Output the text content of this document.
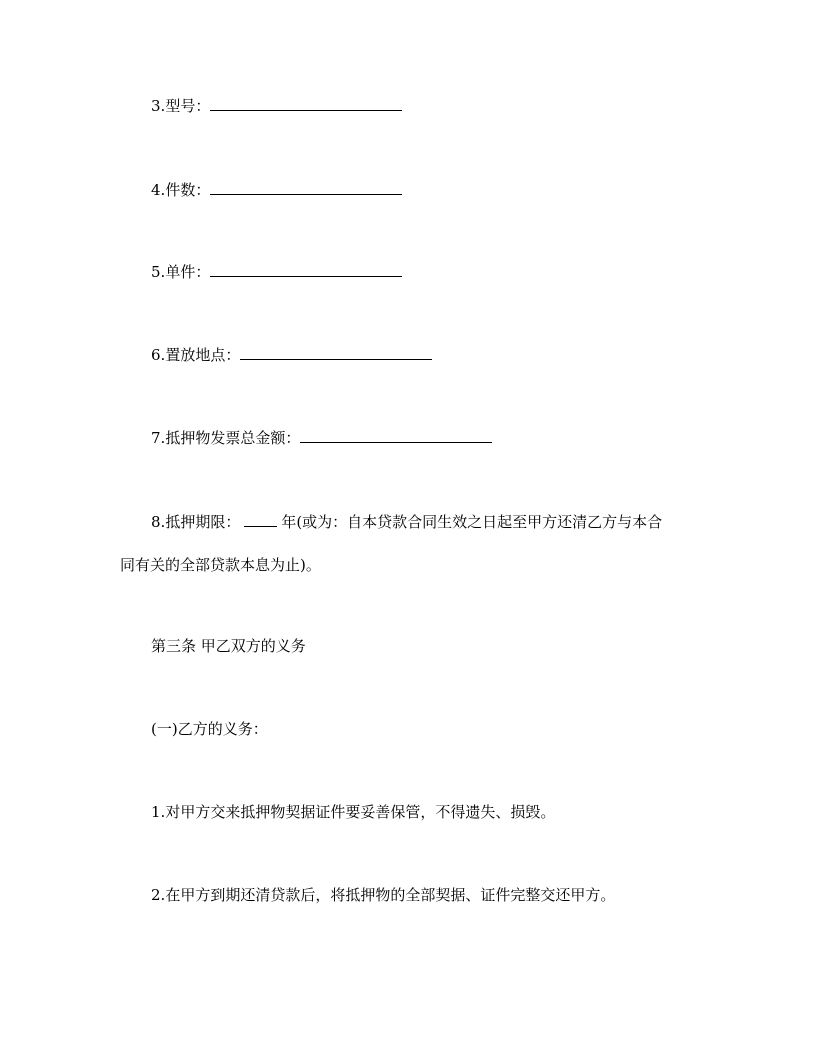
3.型号：
4.件数：
5.单件：
6.置放地点：
7.抵押物发票总金额：
8.抵押期限：	年(或为：自本贷款合同生效之日起至甲方还清乙方与本合
同有关的全部贷款本息为止)。
第三条 甲乙双方的义务
(一)乙方的义务：
1.对甲方交来抵押物契据证件要妥善保管，不得遗失、损毁。
2.在甲方到期还清贷款后，将抵押物的全部契据、证件完整交还甲方。
